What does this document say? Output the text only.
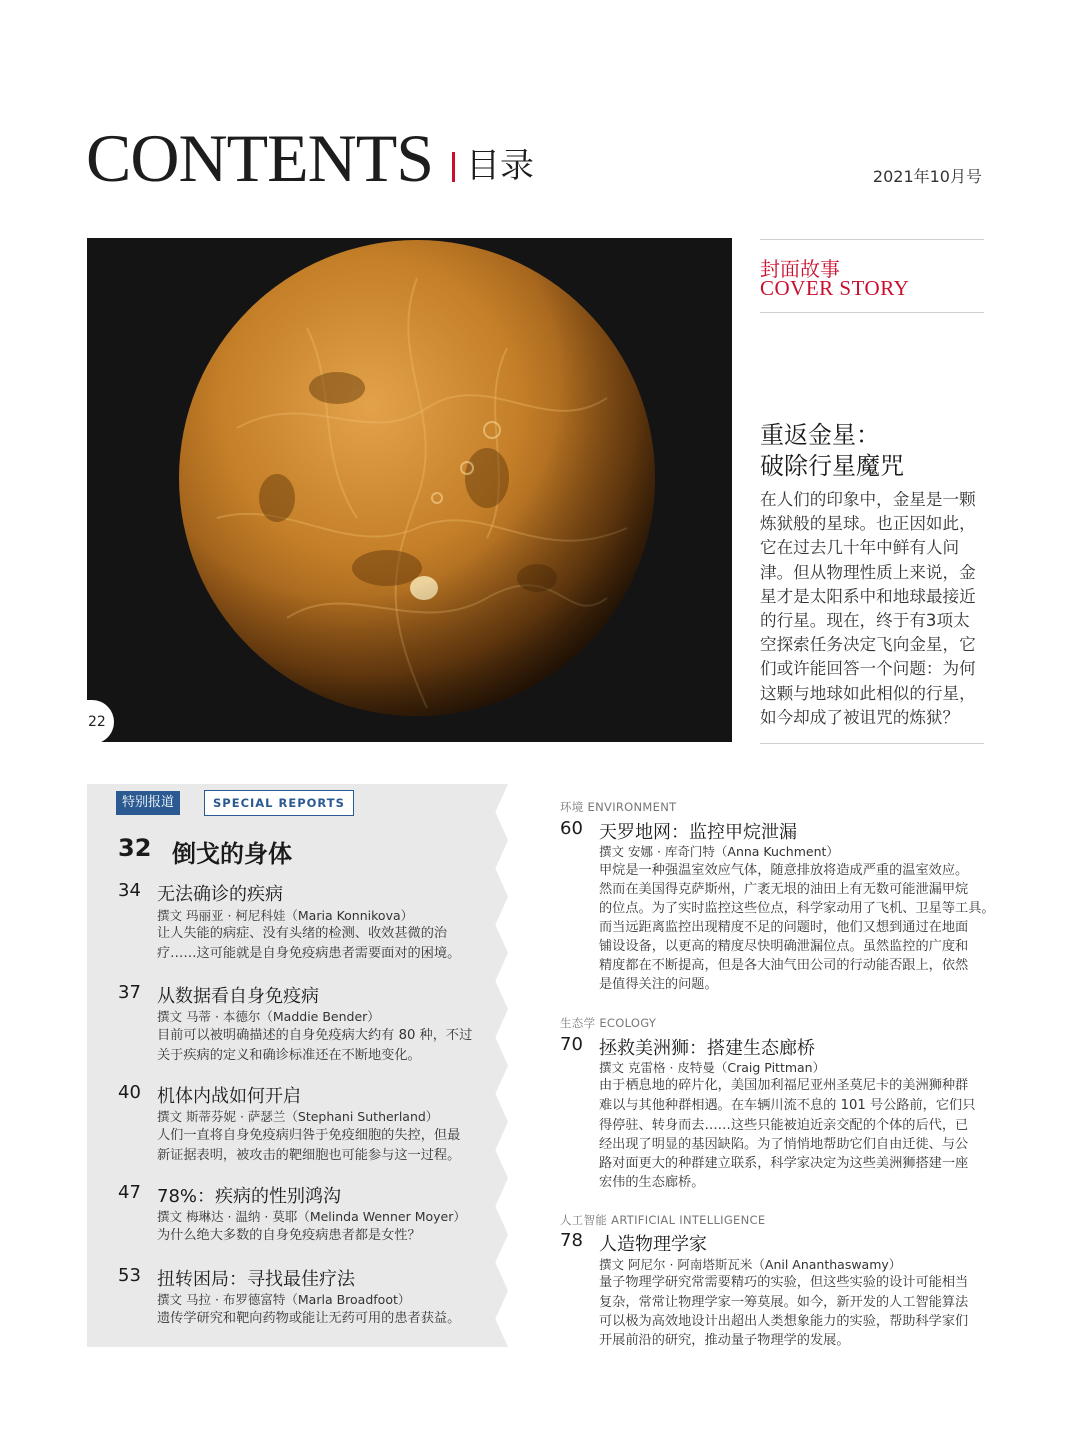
CONTENTS 目录	2021年10月号
22
封面故事
COVER STORY
重返金星：
破除行星魔咒
在人们的印象中，金星是一颗炼狱般的星球。也正因如此，它在过去几十年中鲜有人问津。但从物理性质上来说，金星才是太阳系中和地球最接近的行星。现在，终于有3项太空探索任务决定飞向金星，它们或许能回答一个问题：为何这颗与地球如此相似的行星，如今却成了被诅咒的炼狱？
特别报道	SPECIAL REPORTS
32 倒戈的身体
34 无法确诊的疾病
撰文 玛丽亚 · 柯尼科娃（Maria Konnikova）
让人失能的病症、没有头绪的检测、收效甚微的治
疗……这可能就是自身免疫病患者需要面对的困境。
37 从数据看自身免疫病
撰文 马蒂 · 本德尔（Maddie Bender）
目前可以被明确描述的自身免疫病大约有 80 种，不过
关于疾病的定义和确诊标准还在不断地变化。
40 机体内战如何开启
撰文 斯蒂芬妮 · 萨瑟兰（Stephani Sutherland）
人们一直将自身免疫病归咎于免疫细胞的失控，但最
新证据表明，被攻击的靶细胞也可能参与这一过程。
47 78%：疾病的性别鸿沟
撰文 梅琳达 · 温纳 · 莫耶（Melinda Wenner Moyer）
为什么绝大多数的自身免疫病患者都是女性？
53 扭转困局：寻找最佳疗法
撰文 马拉 · 布罗德富特（Marla Broadfoot）
遗传学研究和靶向药物或能让无药可用的患者获益。
环境 ENVIRONMENT
60 天罗地网：监控甲烷泄漏
撰文 安娜 · 库奇门特（Anna Kuchment）
甲烷是一种强温室效应气体，随意排放将造成严重的温室效应。
然而在美国得克萨斯州，广袤无垠的油田上有无数可能泄漏甲烷
的位点。为了实时监控这些位点，科学家动用了飞机、卫星等工具。
而当远距离监控出现精度不足的问题时，他们又想到通过在地面
铺设设备，以更高的精度尽快明确泄漏位点。虽然监控的广度和
精度都在不断提高，但是各大油气田公司的行动能否跟上，依然
是值得关注的问题。
生态学 ECOLOGY
70 拯救美洲狮：搭建生态廊桥
撰文 克雷格 · 皮特曼（Craig Pittman）
由于栖息地的碎片化，美国加利福尼亚州圣莫尼卡的美洲狮种群
难以与其他种群相遇。在车辆川流不息的 101 号公路前，它们只
得停驻、转身而去……这些只能被迫近亲交配的个体的后代，已
经出现了明显的基因缺陷。为了悄悄地帮助它们自由迁徙、与公
路对面更大的种群建立联系，科学家决定为这些美洲狮搭建一座
宏伟的生态廊桥。
人工智能 ARTIFICIAL INTELLIGENCE
78 人造物理学家
撰文 阿尼尔 · 阿南塔斯瓦米（Anil Ananthaswamy）
量子物理学研究常需要精巧的实验，但这些实验的设计可能相当
复杂，常常让物理学家一筹莫展。如今，新开发的人工智能算法
可以极为高效地设计出超出人类想象能力的实验，帮助科学家们
开展前沿的研究，推动量子物理学的发展。
